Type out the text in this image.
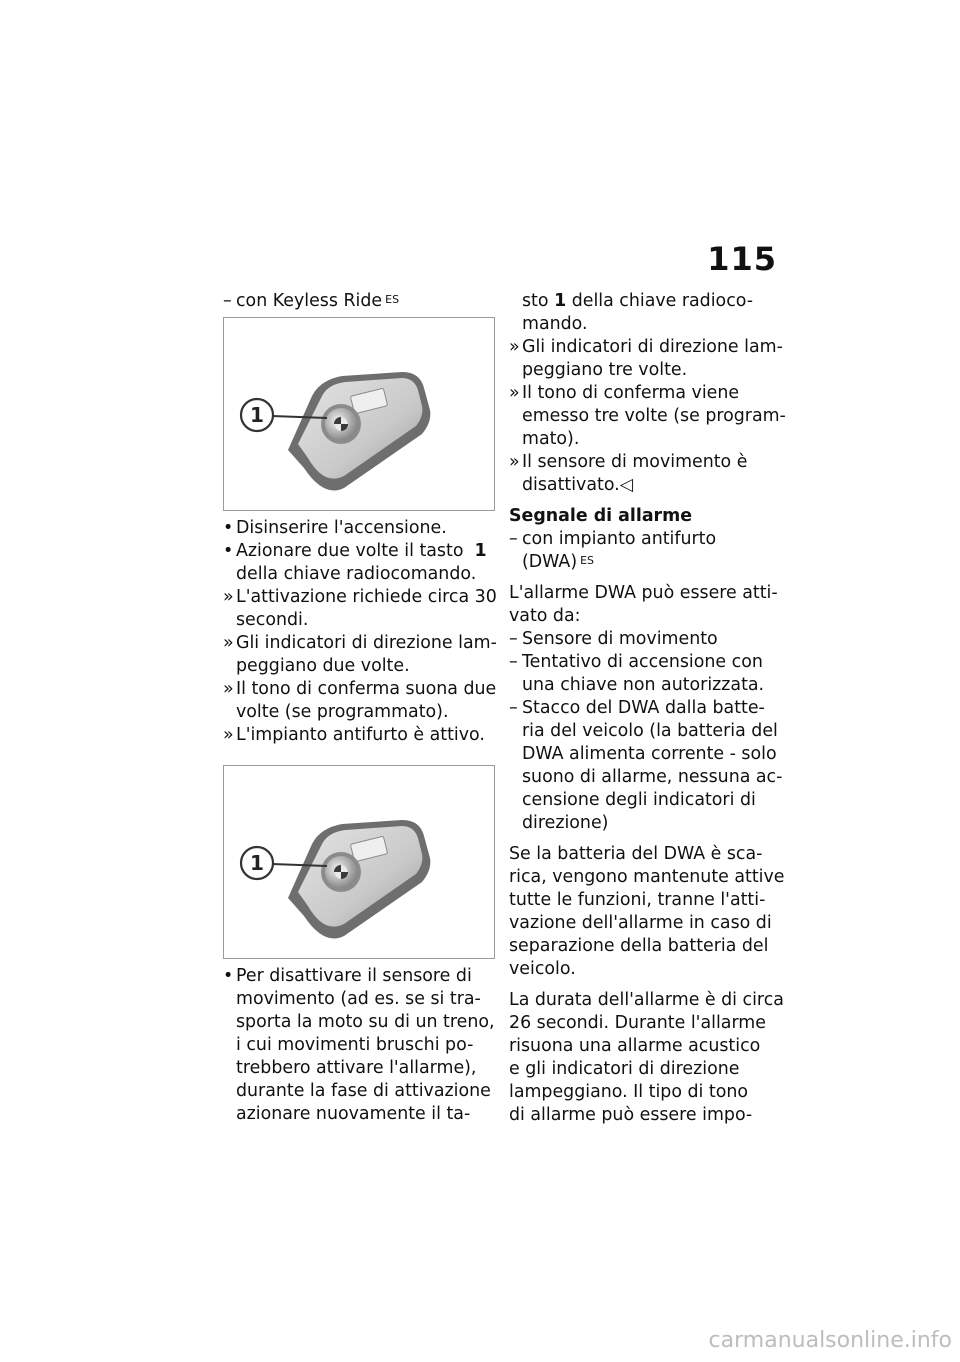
115
– con Keyless Ride $^{ES}$
1
• Disinserire l'accensione.
• Azionare due volte il tasto 1
della chiave radiocomando.
» L'attivazione richiede circa 30
secondi.
» Gli indicatori di direzione lam-
peggiano due volte.
» Il tono di conferma suona due
volte (se programmato).
» L'impianto antifurto è attivo.
1
• Per disattivare il sensore di
movimento (ad es. se si tra-
sporta la moto su di un treno,
i cui movimenti bruschi po-
trebbero attivare l'allarme),
durante la fase di attivazione
azionare nuovamente il ta-
sto 1 della chiave radioco-
mando.
» Gli indicatori di direzione lam-
peggiano tre volte.
» Il tono di conferma viene
emesso tre volte (se program-
mato).
» Il sensore di movimento è
disattivato.◁
Segnale di allarme
– con impianto antifurto
(DWA) $^{ES}$
L'allarme DWA può essere atti-
vato da:
– Sensore di movimento
– Tentativo di accensione con
una chiave non autorizzata.
– Stacco del DWA dalla batte-
ria del veicolo (la batteria del
DWA alimenta corrente - solo
suono di allarme, nessuna ac-
censione degli indicatori di
direzione)
Se la batteria del DWA è sca-
rica, vengono mantenute attive
tutte le funzioni, tranne l'atti-
vazione dell'allarme in caso di
separazione della batteria del
veicolo.
La durata dell'allarme è di circa
26 secondi. Durante l'allarme
risuona una allarme acustico
e gli indicatori di direzione
lampeggiano. Il tipo di tono
di allarme può essere impo-
carmanualsonline.info
